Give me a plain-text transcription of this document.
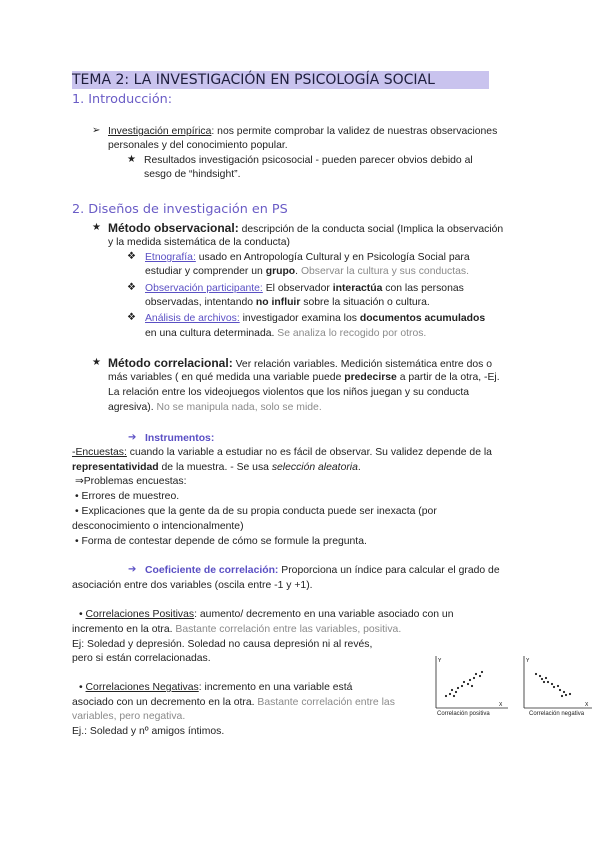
TEMA 2: LA INVESTIGACIÓN EN PSICOLOGÍA SOCIAL
1. Introducción:
➢ Investigación empírica: nos permite comprobar la validez de nuestras observaciones
personales y del conocimiento popular.
★ Resultados investigación psicosocial - pueden parecer obvios debido al
sesgo de “hindsight”.
2. Diseños de investigación en PS
★ Método observacional: descripción de la conducta social (Implica la observación
y la medida sistemática de la conducta)
❖ Etnografía: usado en Antropología Cultural y en Psicología Social para
estudiar y comprender un grupo. Observar la cultura y sus conductas.
❖ Observación participante: El observador interactúa con las personas
observadas, intentando no influir sobre la situación o cultura.
❖ Análisis de archivos: investigador examina los documentos acumulados
en una cultura determinada. Se analiza lo recogido por otros.
★ Método correlacional: Ver relación variables. Medición sistemática entre dos o
más variables ( en qué medida una variable puede predecirse a partir de la otra, -Ej.
La relación entre los videojuegos violentos que los niños juegan y su conducta
agresiva). No se manipula nada, solo se mide.
➔ Instrumentos:
-Encuestas: cuando la variable a estudiar no es fácil de observar. Su validez depende de la
representatividad de la muestra. - Se usa selección aleatoria.
⇒Problemas encuestas:
• Errores de muestreo.
• Explicaciones que la gente da de su propia conducta puede ser inexacta (por
desconocimiento o intencionalmente)
• Forma de contestar depende de cómo se formule la pregunta.
➔ Coeficiente de correlación: Proporciona un índice para calcular el grado de
asociación entre dos variables (oscila entre -1 y +1).
• Correlaciones Positivas: aumento/ decremento en una variable asociado con un
incremento en la otra. Bastante correlación entre las variables, positiva.
Ej: Soledad y depresión. Soledad no causa depresión ni al revés,
pero si están correlacionadas.
• Correlaciones Negativas: incremento en una variable está
asociado con un decremento en la otra. Bastante correlación entre las
variables, pero negativa.
Ej.: Soledad y nº amigos íntimos.
Y
X
Correlación positiva
Y
X
Correlación negativa
